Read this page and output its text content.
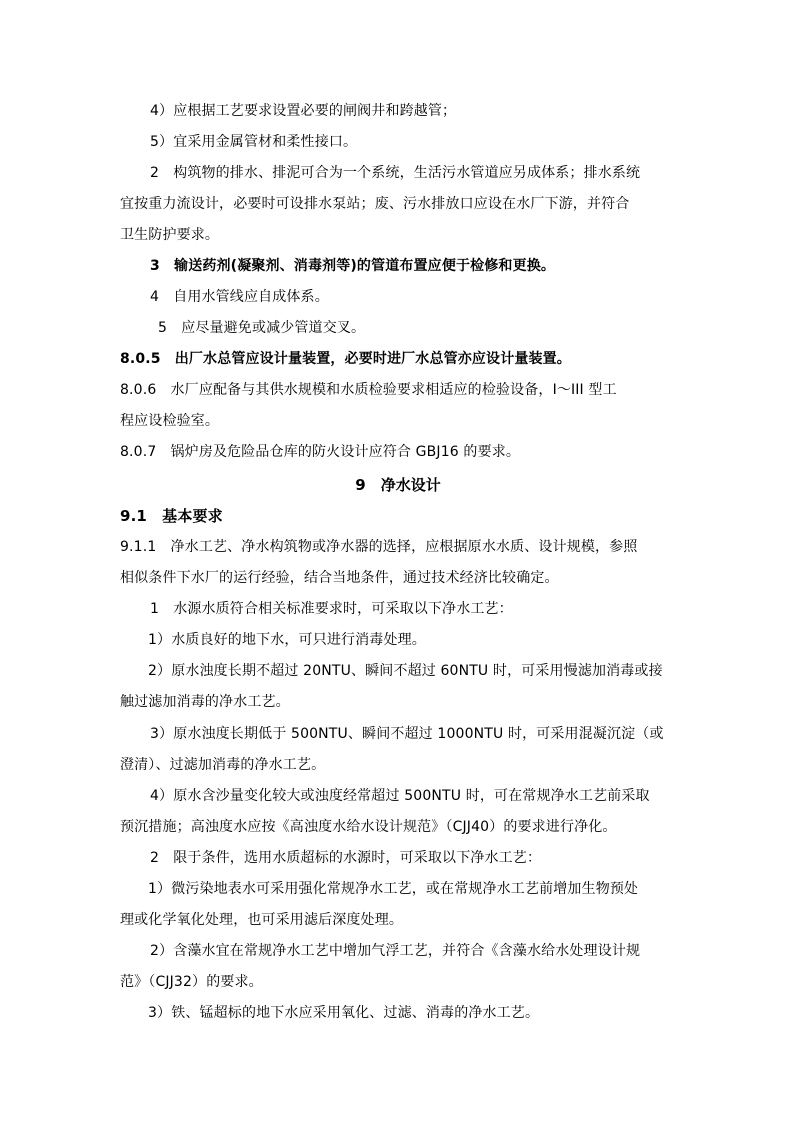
4）应根据工艺要求设置必要的闸阀井和跨越管；
5）宜采用金属管材和柔性接口。
2　构筑物的排水、排泥可合为一个系统，生活污水管道应另成体系；排水系统
宜按重力流设计，必要时可设排水泵站；废、污水排放口应设在水厂下游，并符合
卫生防护要求。
3　输送药剂(凝聚剂、消毒剂等)的管道布置应便于检修和更换。
4　自用水管线应自成体系。
5　应尽量避免或减少管道交叉。
8.0.5　出厂水总管应设计量装置，必要时进厂水总管亦应设计量装置。
8.0.6　水厂应配备与其供水规模和水质检验要求相适应的检验设备，I～III 型工
程应设检验室。
8.0.7　锅炉房及危险品仓库的防火设计应符合 GBJ16 的要求。
9　净水设计
9.1　基本要求
9.1.1　净水工艺、净水构筑物或净水器的选择，应根据原水水质、设计规模，参照
相似条件下水厂的运行经验，结合当地条件，通过技术经济比较确定。
1　水源水质符合相关标准要求时，可采取以下净水工艺：
1）水质良好的地下水，可只进行消毒处理。
2）原水浊度长期不超过 20NTU、瞬间不超过 60NTU 时，可采用慢滤加消毒或接
触过滤加消毒的净水工艺。
3）原水浊度长期低于 500NTU、瞬间不超过 1000NTU 时，可采用混凝沉淀（或
澄清）、过滤加消毒的净水工艺。
4）原水含沙量变化较大或浊度经常超过 500NTU 时，可在常规净水工艺前采取
预沉措施；高浊度水应按《高浊度水给水设计规范》（CJJ40）的要求进行净化。
2　限于条件，选用水质超标的水源时，可采取以下净水工艺：
1）微污染地表水可采用强化常规净水工艺，或在常规净水工艺前增加生物预处
理或化学氧化处理，也可采用滤后深度处理。
2）含藻水宜在常规净水工艺中增加气浮工艺，并符合《含藻水给水处理设计规
范》（CJJ32）的要求。
3）铁、锰超标的地下水应采用氧化、过滤、消毒的净水工艺。
